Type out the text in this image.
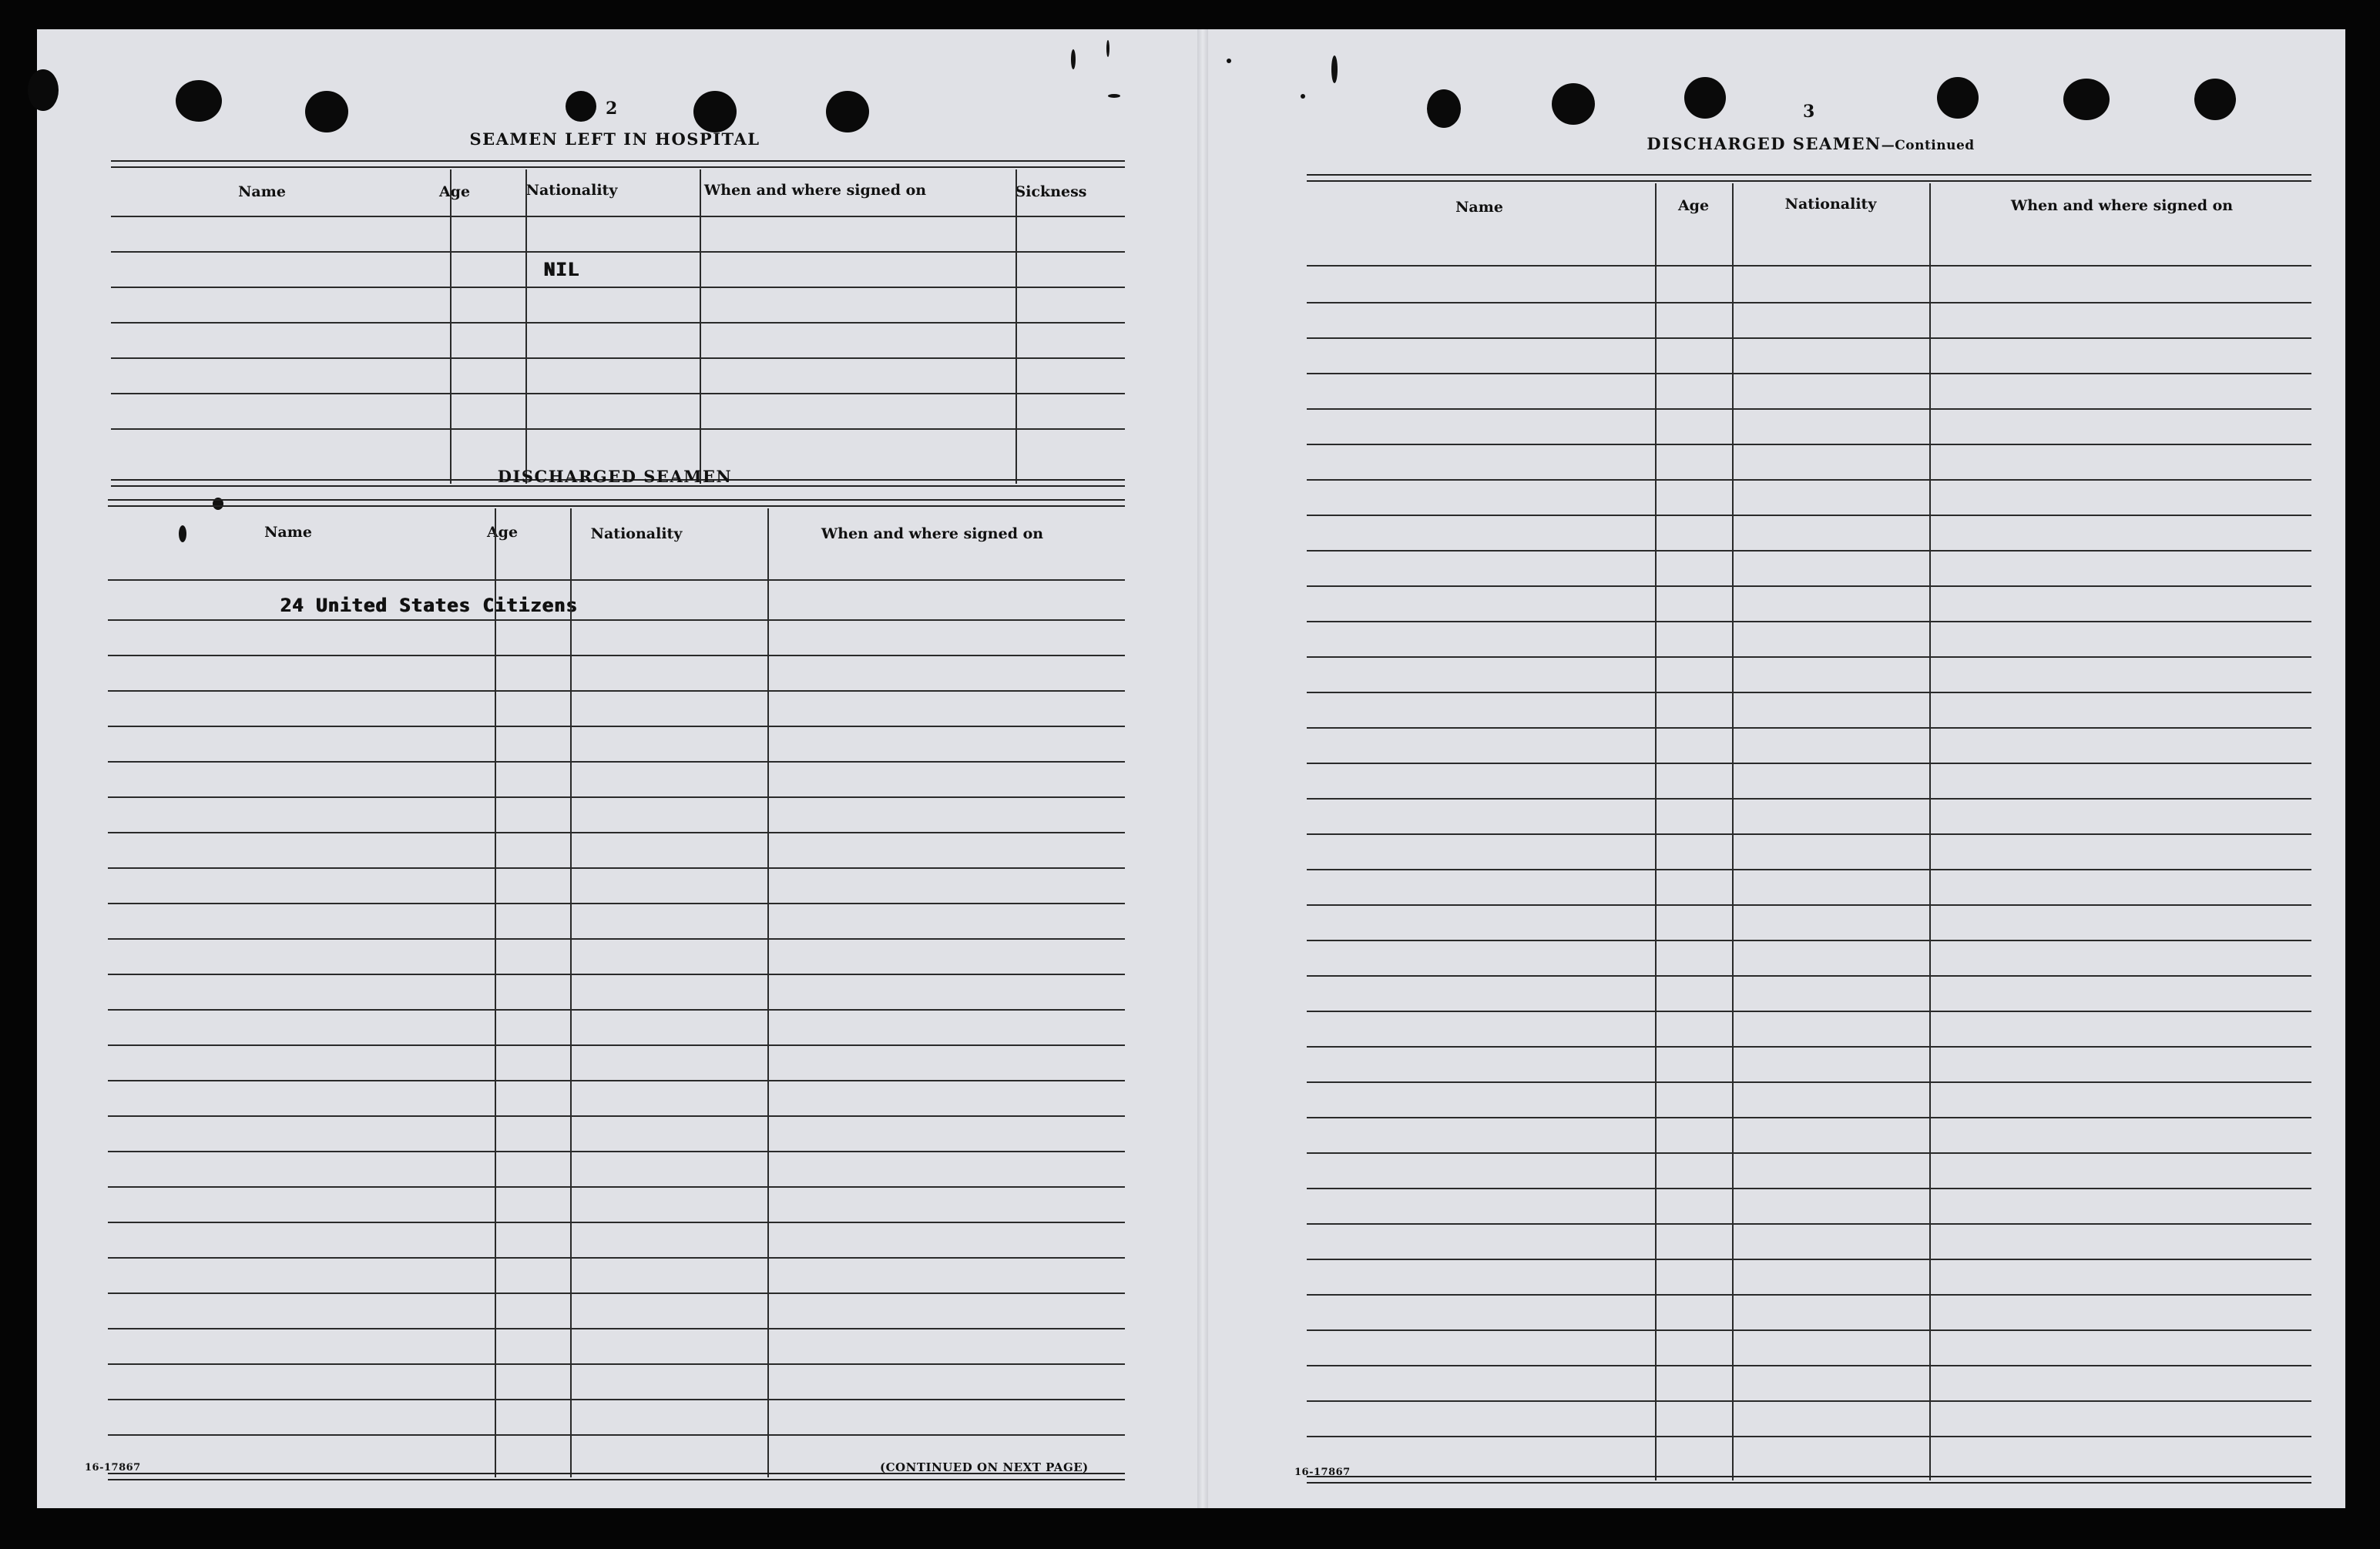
2
SEAMEN LEFT IN HOSPITAL
Name	Age	Nationality	When and where signed on	Sickness
NIL
DISCHARGED SEAMEN
Name	Age	Nationality	When and where signed on
24 United States Citizens
16-17867	(CONTINUED ON NEXT PAGE)
3
DISCHARGED SEAMEN—Continued
Name	Age	Nationality	When and where signed on
16-17867
